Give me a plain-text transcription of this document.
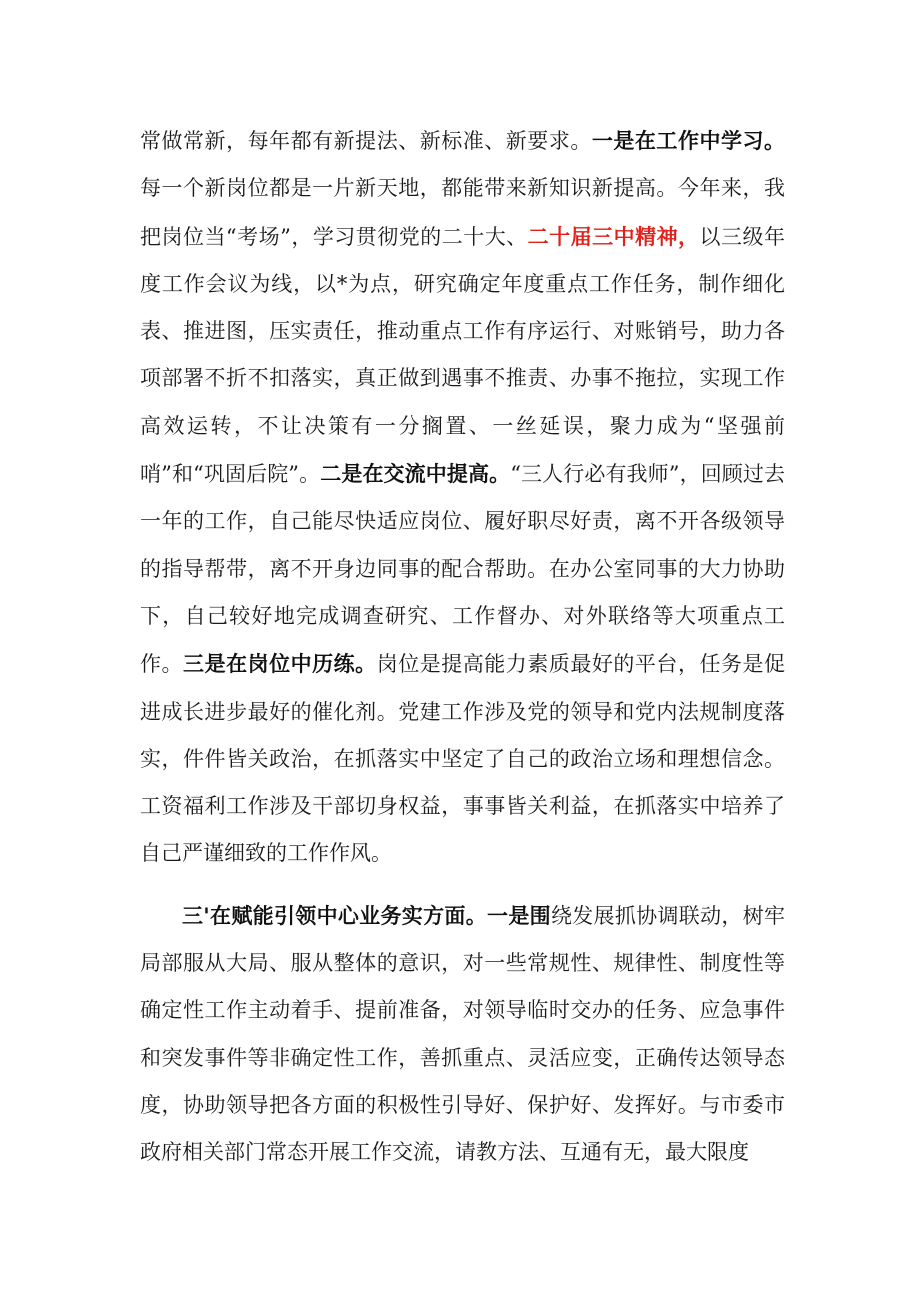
常做常新，每年都有新提法、新标准、新要求。一是在工作中学习。每一个新岗位都是一片新天地，都能带来新知识新提高。今年来，我把岗位当“考场”，学习贯彻党的二十大、二十届三中精神，以三级年度工作会议为线，以*为点，研究确定年度重点工作任务，制作细化表、推进图，压实责任，推动重点工作有序运行、对账销号，助力各项部署不折不扣落实，真正做到遇事不推责、办事不拖拉，实现工作高效运转，不让决策有一分搁置、一丝延误，聚力成为“坚强前哨”和“巩固后院”。二是在交流中提高。“三人行必有我师”，回顾过去一年的工作，自己能尽快适应岗位、履好职尽好责，离不开各级领导的指导帮带，离不开身边同事的配合帮助。在办公室同事的大力协助下，自己较好地完成调查研究、工作督办、对外联络等大项重点工作。三是在岗位中历练。岗位是提高能力素质最好的平台，任务是促进成长进步最好的催化剂。党建工作涉及党的领导和党内法规制度落实，件件皆关政治，在抓落实中坚定了自己的政治立场和理想信念。工资福利工作涉及干部切身权益，事事皆关利益，在抓落实中培养了自己严谨细致的工作作风。

三'在赋能引领中心业务实方面。一是围绕发展抓协调联动，树牢局部服从大局、服从整体的意识，对一些常规性、规律性、制度性等确定性工作主动着手、提前准备，对领导临时交办的任务、应急事件和突发事件等非确定性工作，善抓重点、灵活应变，正确传达领导态度，协助领导把各方面的积极性引导好、保护好、发挥好。与市委市政府相关部门常态开展工作交流，请教方法、互通有无，最大限度
